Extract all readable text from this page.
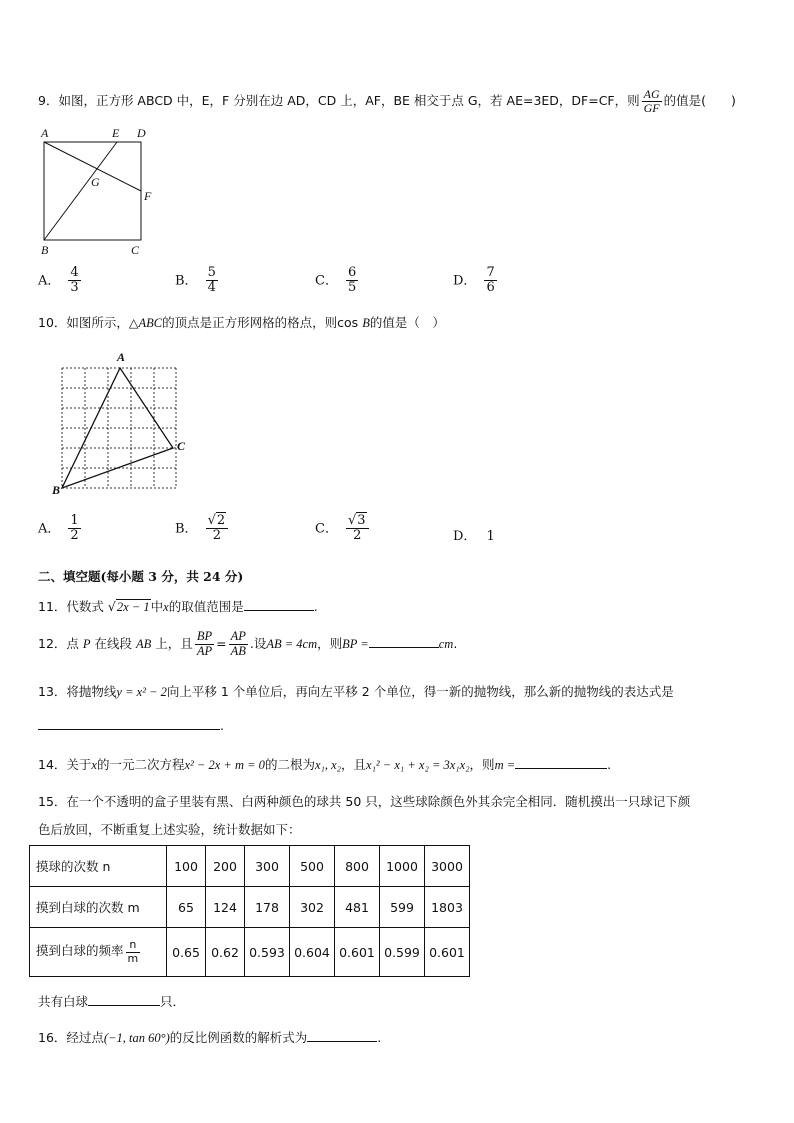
9．如图，正方形 ABCD 中，E，F 分别在边 AD，CD 上，AF，BE 相交于点 G，若 AE=3ED，DF=CF，则 $\frac{AG}{GF}$ 的值是(　　)
A	E D
G
F
B	C
A． $\frac{4}{3}$	B． $\frac{5}{4}$	C． $\frac{6}{5}$	D． $\frac{7}{6}$
10．如图所示，△ABC的顶点是正方形网格的格点，则cos B的值是（　）
A
C
B
A． $\frac{1}{2}$	B． $\frac{√2}{2}$	C． $\frac{√3}{2}$	D． 1
二、填空题(每小题 3 分，共 24 分)
11．代数式 √2x − 1中x的取值范围是	.
12．点 P 在线段 AB 上，且 $\frac{BP}{AP} = \frac{AP}{AB}$ .设AB = 4cm，则BP =	cm.
13．将抛物线y = x² − 2向上平移 1 个单位后，再向左平移 2 个单位，得一新的抛物线，那么新的抛物线的表达式是
.
14．关于x的一元二次方程x² − 2x + m = 0的二根为x₁, x₂，且x₁² − x₁ + x₂ = 3x₁x₂，则m =	.
15．在一个不透明的盒子里装有黑、白两种颜色的球共 50 只，这些球除颜色外其余完全相同．随机摸出一只球记下颜
色后放回，不断重复上述实验，统计数据如下：
摸球的次数 n	100	200	300	500	800	1000	3000
摸到白球的次数 m	65	124	178	302	481	599	1803
摸到白球的频率 $\frac{n}{m}$	0.65	0.62	0.593	0.604	0.601	0.599	0.601
共有白球	只．
16．经过点(−1, tan 60°)的反比例函数的解析式为	.
